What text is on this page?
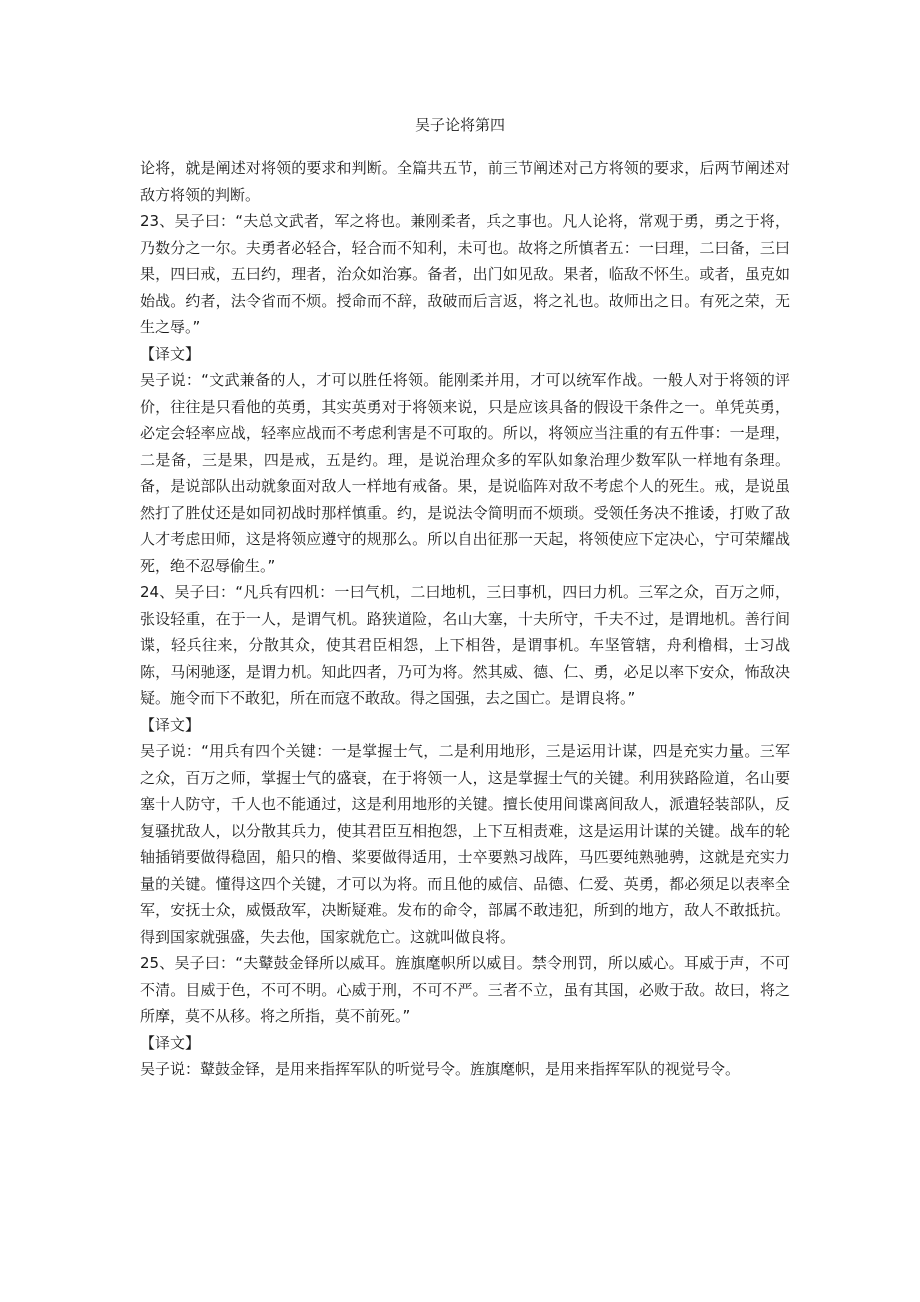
吴子论将第四

论将，就是阐述对将领的要求和判断。全篇共五节，前三节阐述对己方将领的要求，后两节阐述对敌方将领的判断。

23、吴子曰：“夫总文武者，军之将也。兼刚柔者，兵之事也。凡人论将，常观于勇，勇之于将，乃数分之一尔。夫勇者必轻合，轻合而不知利，未可也。故将之所慎者五：一曰理，二曰备，三曰果，四曰戒，五曰约，理者，治众如治寡。备者，出门如见敌。果者，临敌不怀生。或者，虽克如始战。约者，法令省而不烦。授命而不辞，敌破而后言返，将之礼也。故师出之日。有死之荣，无生之辱。”

【译文】

吴子说：“文武兼备的人，才可以胜任将领。能刚柔并用，才可以统军作战。一般人对于将领的评价，往往是只看他的英勇，其实英勇对于将领来说，只是应该具备的假设干条件之一。单凭英勇，必定会轻率应战，轻率应战而不考虑利害是不可取的。所以，将领应当注重的有五件事：一是理，二是备，三是果，四是戒，五是约。理，是说治理众多的军队如象治理少数军队一样地有条理。备，是说部队出动就象面对敌人一样地有戒备。果，是说临阵对敌不考虑个人的死生。戒，是说虽然打了胜仗还是如同初战时那样慎重。约，是说法令简明而不烦琐。受领任务决不推诿，打败了敌人才考虑田师，这是将领应遵守的规那么。所以自出征那一天起，将领使应下定决心，宁可荣耀战死，绝不忍辱偷生。”

24、吴子曰：“凡兵有四机：一曰气机，二曰地机，三曰事机，四曰力机。三军之众，百万之师，张设轻重，在于一人，是谓气机。路狭道险，名山大塞，十夫所守，千夫不过，是谓地机。善行间谍，轻兵往来，分散其众，使其君臣相怨，上下相咎，是谓事机。车坚管辖，舟利橹楫，士习战陈，马闲驰逐，是谓力机。知此四者，乃可为将。然其威、德、仁、勇，必足以率下安众，怖敌决疑。施令而下不敢犯，所在而寇不敢敌。得之国强，去之国亡。是谓良将。”

【译文】

吴子说：“用兵有四个关键：一是掌握士气，二是利用地形，三是运用计谋，四是充实力量。三军之众，百万之师，掌握士气的盛衰，在于将领一人，这是掌握士气的关键。利用狭路险道，名山要塞十人防守，千人也不能通过，这是利用地形的关键。擅长使用间谍离间敌人，派遣轻装部队，反复骚扰敌人，以分散其兵力，使其君臣互相抱怨，上下互相责难，这是运用计谋的关键。战车的轮轴插销要做得稳固，船只的橹、桨要做得适用，士卒要熟习战阵，马匹要纯熟驰骋，这就是充实力量的关键。懂得这四个关键，才可以为将。而且他的威信、品德、仁爱、英勇，都必须足以表率全军，安抚士众，威慑敌军，决断疑难。发布的命令，部属不敢违犯，所到的地方，敌人不敢抵抗。得到国家就强盛，失去他，国家就危亡。这就叫做良将。

25、吴子曰：“夫鼙鼓金铎所以威耳。旌旗麾帜所以威目。禁令刑罚，所以威心。耳威于声，不可不清。目威于色，不可不明。心威于刑，不可不严。三者不立，虽有其国，必败于敌。故曰，将之所摩，莫不从移。将之所指，莫不前死。”

【译文】

吴子说：鼙鼓金铎，是用来指挥军队的听觉号令。旌旗麾帜，是用来指挥军队的视觉号令。
